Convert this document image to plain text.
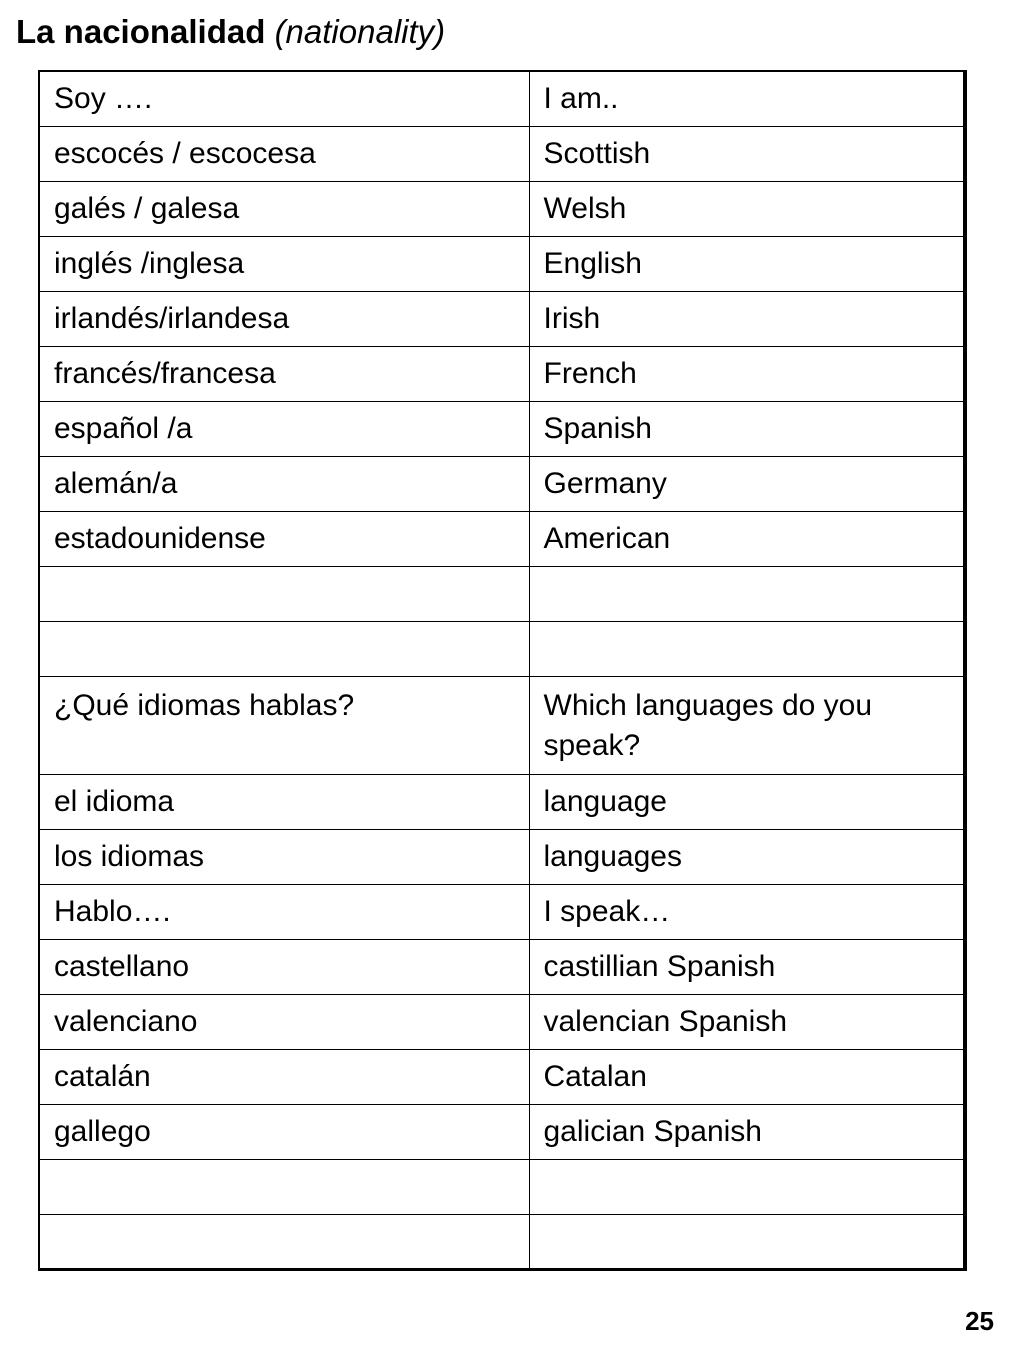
La nacionalidad (nationality)
Soy ….	I am..
escocés / escocesa	Scottish
galés / galesa	Welsh
inglés /inglesa	English
irlandés/irlandesa	Irish
francés/francesa	French
español /a	Spanish
alemán/a	Germany
estadounidense	American

¿Qué idiomas hablas?	Which languages do you speak?
el idioma	language
los idiomas	languages
Hablo….	I speak…
castellano	castillian Spanish
valenciano	valencian Spanish
catalán	Catalan
gallego	galician Spanish

25
